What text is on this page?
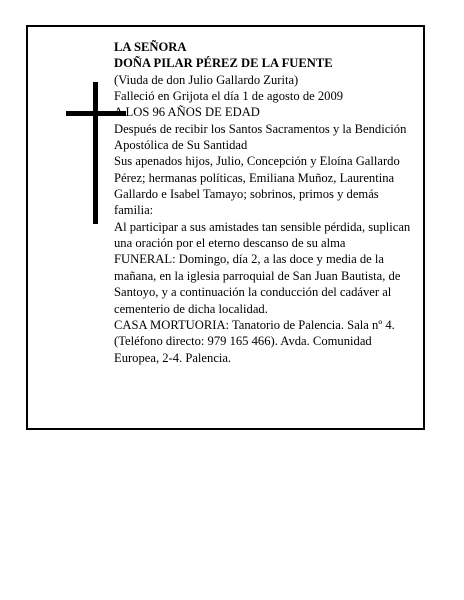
LA SEÑORA

DOÑA PILAR PÉREZ DE LA FUENTE

(Viuda de don Julio Gallardo Zurita)

Falleció en Grijota el día 1 de agosto de 2009

A LOS 96 AÑOS DE EDAD

Después de recibir los Santos Sacramentos y la Bendición Apostólica de Su Santidad

Sus apenados hijos, Julio, Concepción y Eloína Gallardo Pérez; hermanas políticas, Emiliana Muñoz, Laurentina Gallardo e Isabel Tamayo; sobrinos, primos y demás familia:

Al participar a sus amistades tan sensible pérdida, suplican una oración por el eterno descanso de su alma

FUNERAL: Domingo, día 2, a las doce y media de la mañana, en la iglesia parroquial de San Juan Bautista, de Santoyo, y a continuación la conducción del cadáver al cementerio de dicha localidad.

CASA MORTUORIA: Tanatorio de Palencia. Sala nº 4. (Teléfono directo: 979 165 466). Avda. Comunidad Europea, 2-4. Palencia.
